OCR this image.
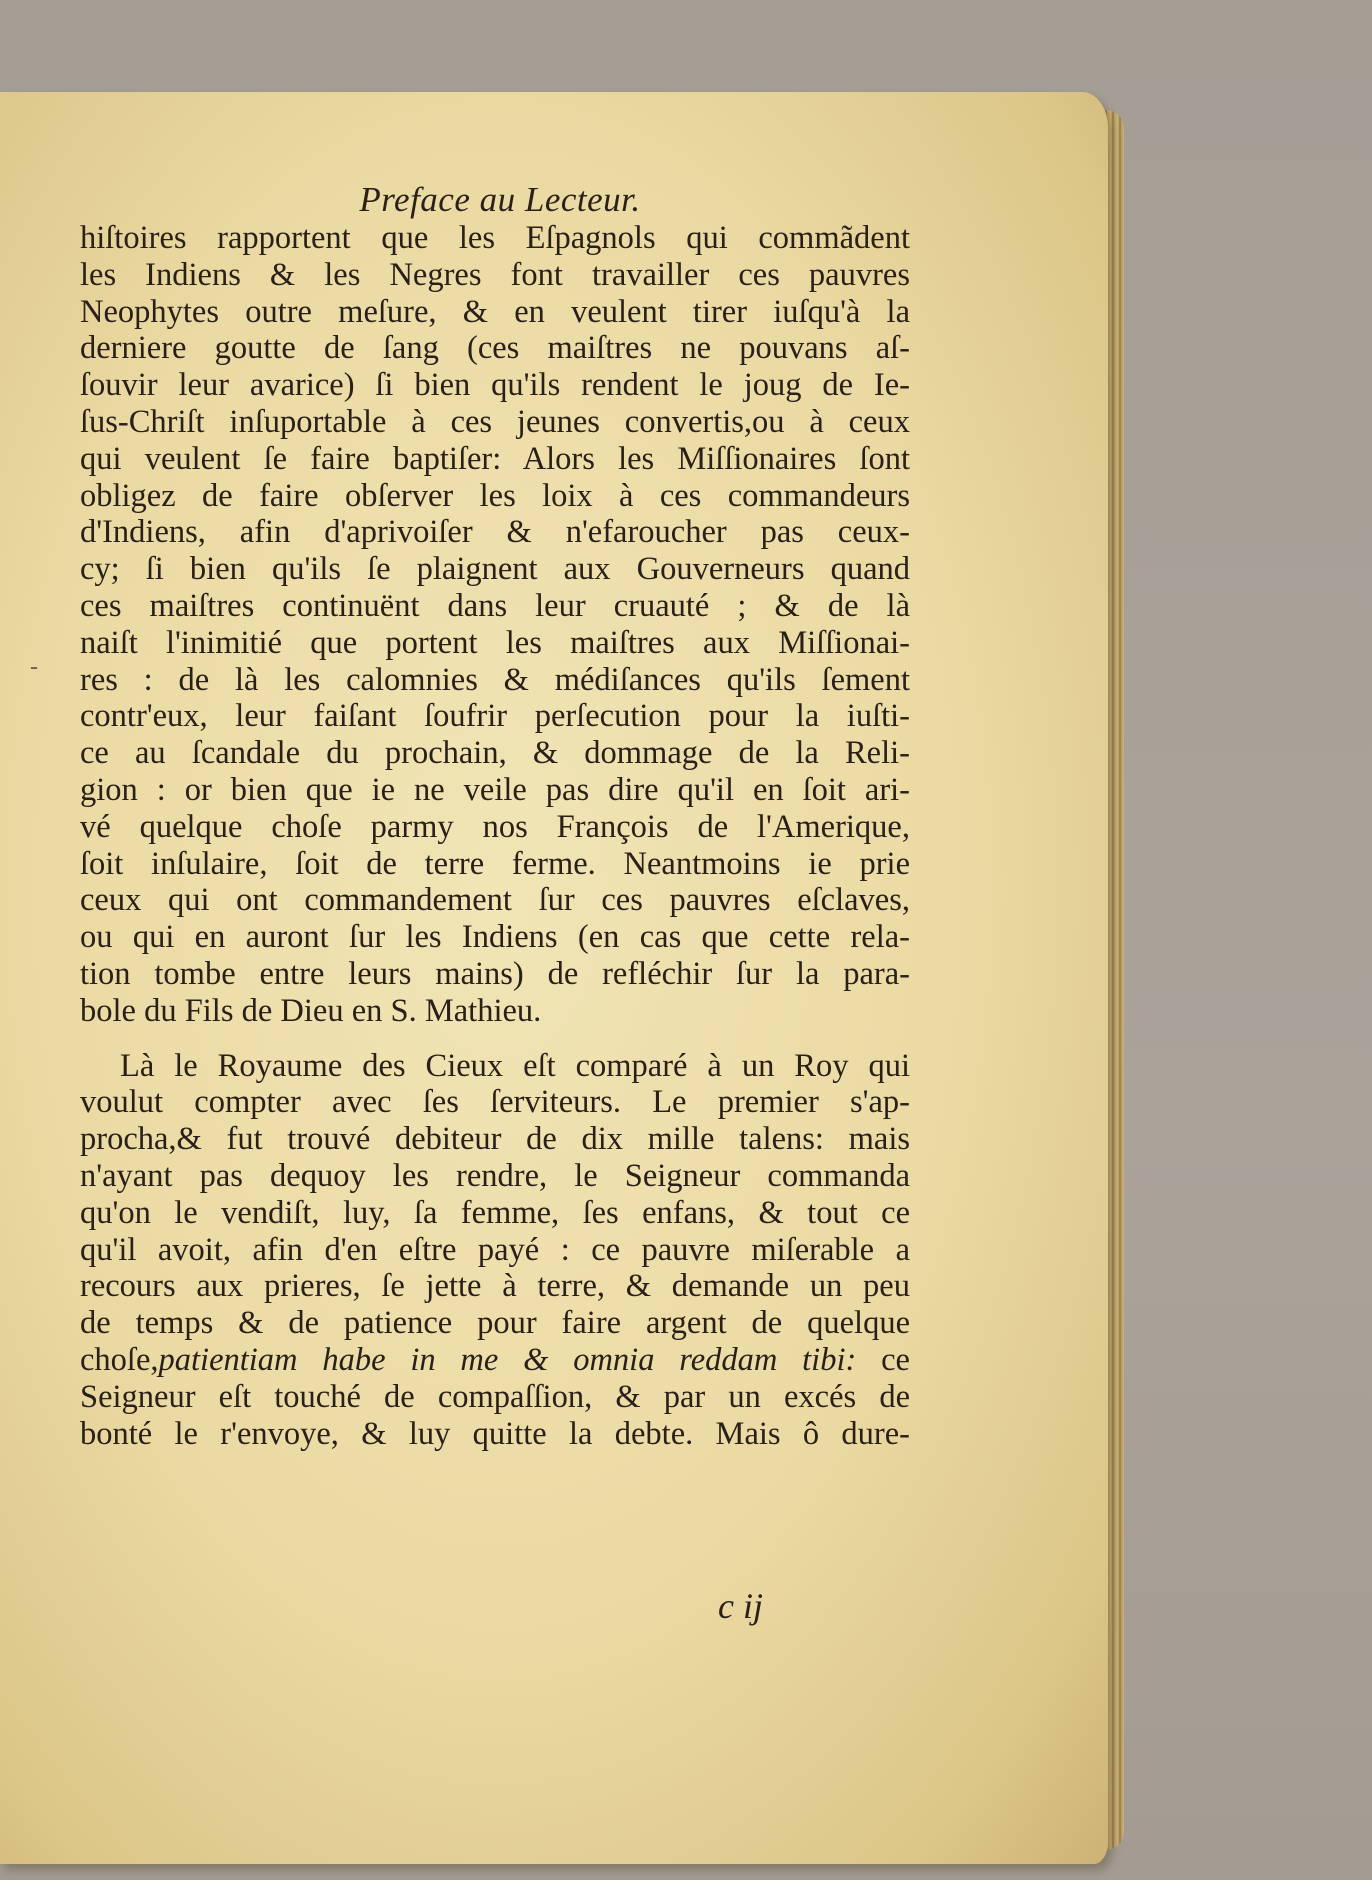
Preface au Lecteur.
-
hiſtoires rapportent que les Eſpagnols qui commãdent
les Indiens & les Negres font travailler ces pauvres
Neophytes outre meſure, & en veulent tirer iuſqu'à la
derniere goutte de ſang (ces maiſtres ne pouvans aſ-
ſouvir leur avarice) ſi bien qu'ils rendent le joug de Ie-
ſus-Chriſt inſuportable à ces jeunes convertis,ou à ceux
qui veulent ſe faire baptiſer: Alors les Miſſionaires ſont
obligez de faire obſerver les loix à ces commandeurs
d'Indiens, afin d'aprivoiſer & n'efaroucher pas ceux-
cy; ſi bien qu'ils ſe plaignent aux Gouverneurs quand
ces maiſtres continuënt dans leur cruauté ; & de là
naiſt l'inimitié que portent les maiſtres aux Miſſionai-
res : de là les calomnies & médiſances qu'ils ſement
contr'eux, leur faiſant ſoufrir perſecution pour la iuſti-
ce au ſcandale du prochain, & dommage de la Reli-
gion : or bien que ie ne veile pas dire qu'il en ſoit ari-
vé quelque choſe parmy nos François de l'Amerique,
ſoit inſulaire, ſoit de terre ferme. Neantmoins ie prie
ceux qui ont commandement ſur ces pauvres eſclaves,
ou qui en auront ſur les Indiens (en cas que cette rela-
tion tombe entre leurs mains) de refléchir ſur la para-
bole du Fils de Dieu en S. Mathieu.
Là le Royaume des Cieux eſt comparé à un Roy qui
voulut compter avec ſes ſerviteurs. Le premier s'ap-
procha,& fut trouvé debiteur de dix mille talens: mais
n'ayant pas dequoy les rendre, le Seigneur commanda
qu'on le vendiſt, luy, ſa femme, ſes enfans, & tout ce
qu'il avoit, afin d'en eſtre payé : ce pauvre miſerable a
recours aux prieres, ſe jette à terre, & demande un peu
de temps & de patience pour faire argent de quelque
choſe,patientiam habe in me & omnia reddam tibi: ce
Seigneur eſt touché de compaſſion, & par un excés de
bonté le r'envoye, & luy quitte la debte. Mais ô dure-
c ij
